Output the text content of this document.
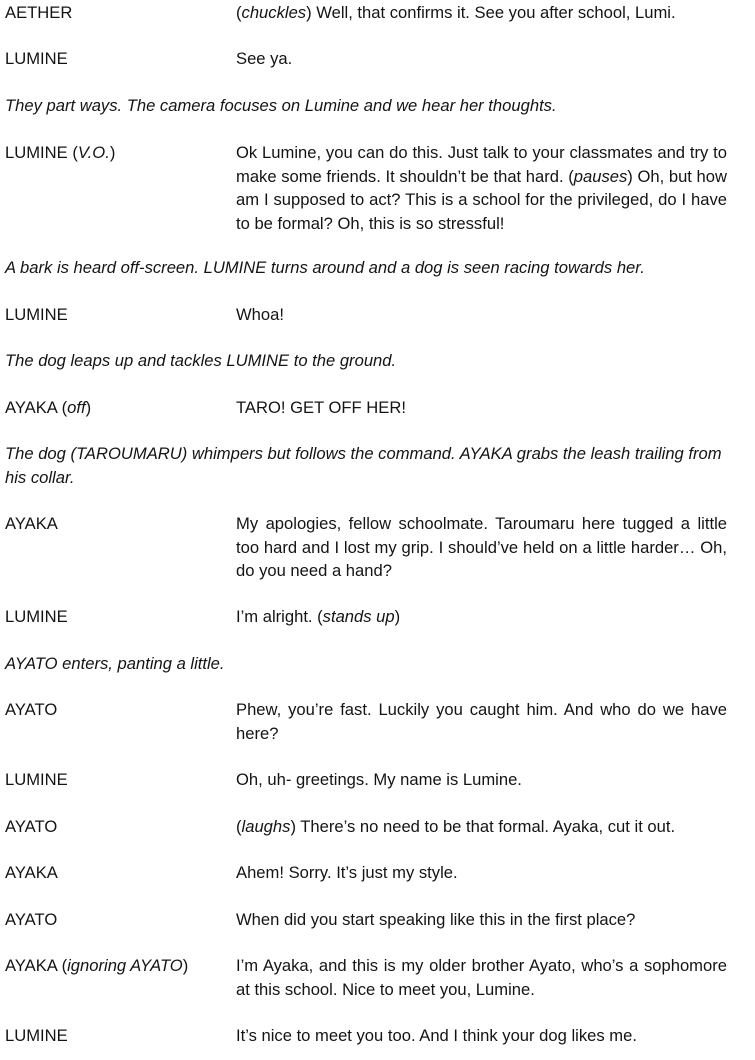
AETHER	(chuckles) Well, that confirms it. See you after school, Lumi.
LUMINE	See ya.
They part ways. The camera focuses on Lumine and we hear her thoughts.
LUMINE (V.O.)	Ok Lumine, you can do this. Just talk to your classmates and try to make some friends. It shouldn’t be that hard. (pauses) Oh, but how am I supposed to act? This is a school for the privileged, do I have to be formal? Oh, this is so stressful!
A bark is heard off-screen. LUMINE turns around and a dog is seen racing towards her.
LUMINE	Whoa!
The dog leaps up and tackles LUMINE to the ground.
AYAKA (off)	TARO! GET OFF HER!
The dog (TAROUMARU) whimpers but follows the command. AYAKA grabs the leash trailing from his collar.
AYAKA	My apologies, fellow schoolmate. Taroumaru here tugged a little too hard and I lost my grip. I should’ve held on a little harder… Oh, do you need a hand?
LUMINE	I’m alright. (stands up)
AYATO enters, panting a little.
AYATO	Phew, you’re fast. Luckily you caught him. And who do we have here?
LUMINE	Oh, uh- greetings. My name is Lumine.
AYATO	(laughs) There’s no need to be that formal. Ayaka, cut it out.
AYAKA	Ahem! Sorry. It’s just my style.
AYATO	When did you start speaking like this in the first place?
AYAKA (ignoring AYATO)	I’m Ayaka, and this is my older brother Ayato, who’s a sophomore at this school. Nice to meet you, Lumine.
LUMINE	It’s nice to meet you too. And I think your dog likes me.
